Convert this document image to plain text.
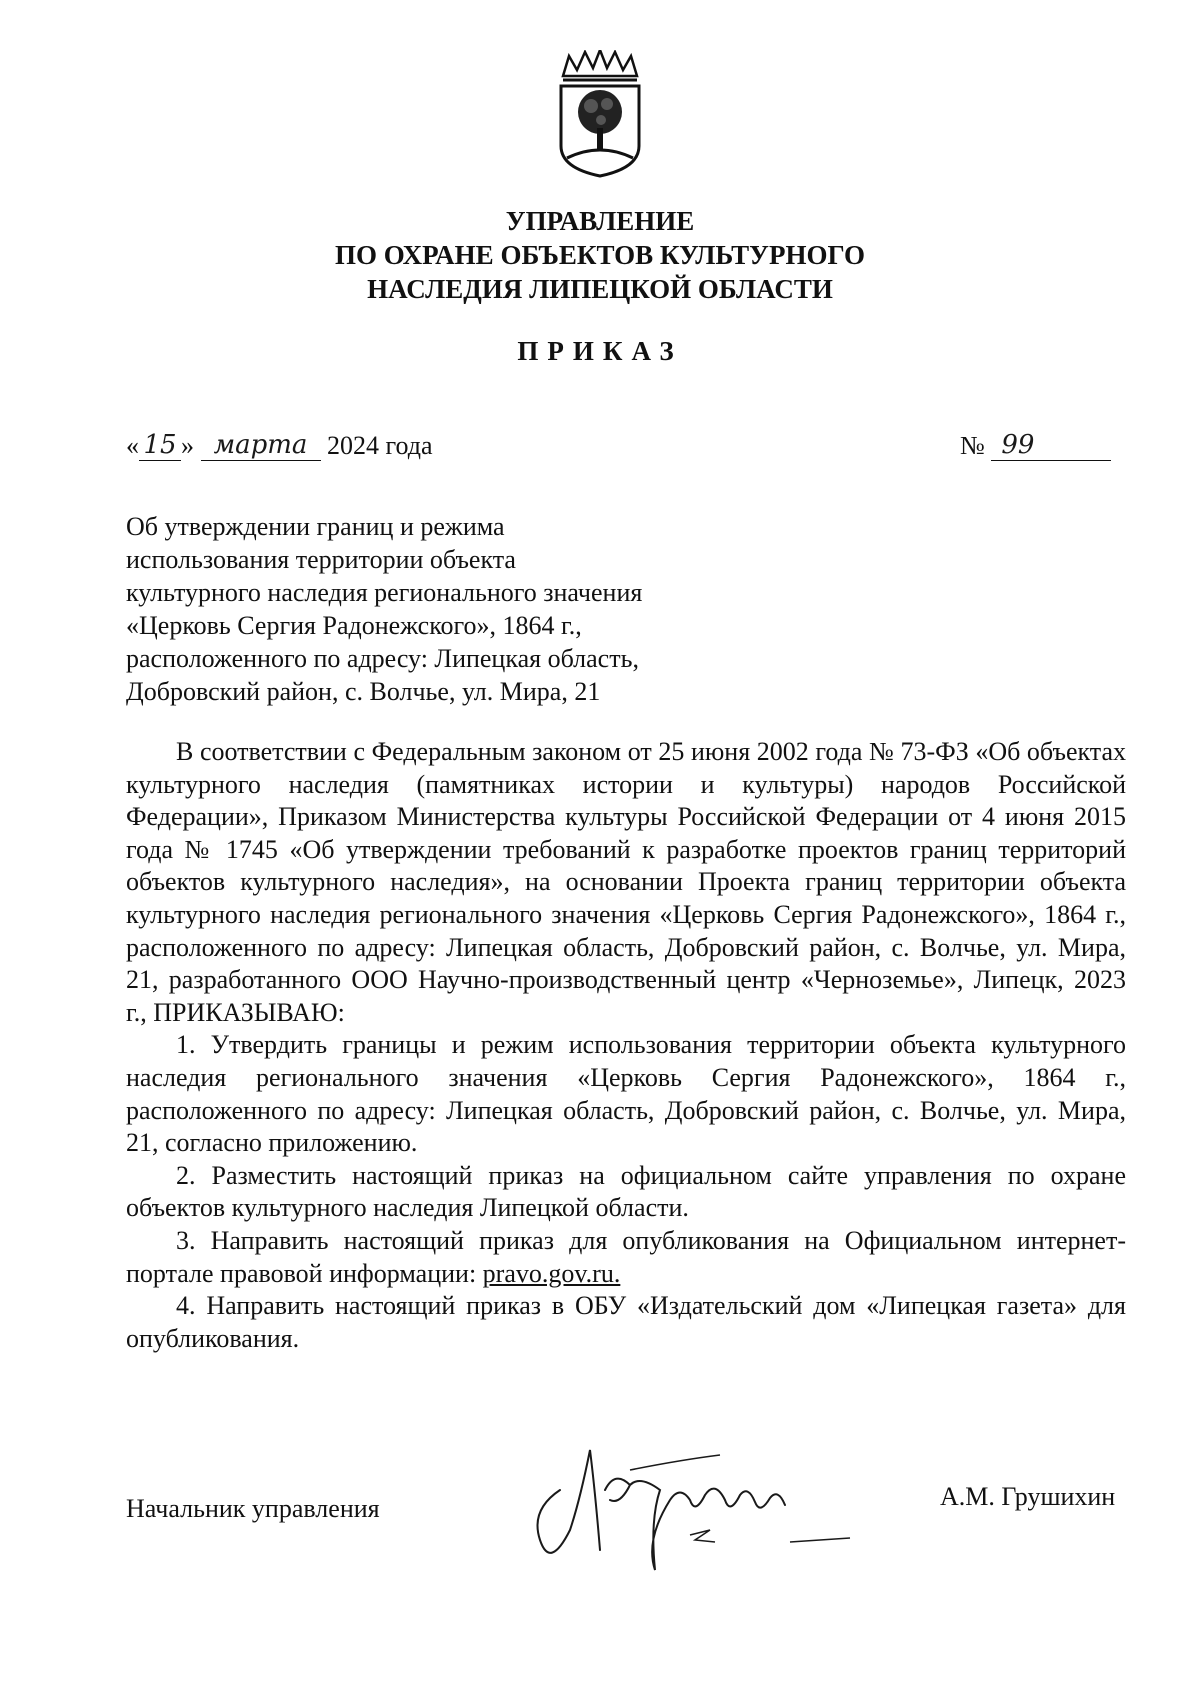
УПРАВЛЕНИЕ
ПО ОХРАНЕ ОБЪЕКТОВ КУЛЬТУРНОГО
НАСЛЕДИЯ ЛИПЕЦКОЙ ОБЛАСТИ
ПРИКАЗ
« 15 » марта 2024 года	№ 99
Об утверждении границ и режима
использования территории объекта
культурного наследия регионального значения
«Церковь Сергия Радонежского», 1864 г.,
расположенного по адресу: Липецкая область,
Добровский район, с. Волчье, ул. Мира, 21

В соответствии с Федеральным законом от 25 июня 2002 года № 73-ФЗ «Об объектах культурного наследия (памятниках истории и культуры) народов Российской Федерации», Приказом Министерства культуры Российской Федерации от 4 июня 2015 года № 1745 «Об утверждении требований к разработке проектов границ территорий объектов культурного наследия», на основании Проекта границ территории объекта культурного наследия регионального значения «Церковь Сергия Радонежского», 1864 г., расположенного по адресу: Липецкая область, Добровский район, с. Волчье, ул. Мира, 21, разработанного ООО Научно-производственный центр «Черноземье», Липецк, 2023 г., ПРИКАЗЫВАЮ:

1. Утвердить границы и режим использования территории объекта культурного наследия регионального значения «Церковь Сергия Радонежского», 1864 г., расположенного по адресу: Липецкая область, Добровский район, с. Волчье, ул. Мира, 21, согласно приложению.

2. Разместить настоящий приказ на официальном сайте управления по охране объектов культурного наследия Липецкой области.

3. Направить настоящий приказ для опубликования на Официальном интернет-портале правовой информации: pravo.gov.ru.

4. Направить настоящий приказ в ОБУ «Издательский дом «Липецкая газета» для опубликования.

Начальник управления	А.М. Грушихин
